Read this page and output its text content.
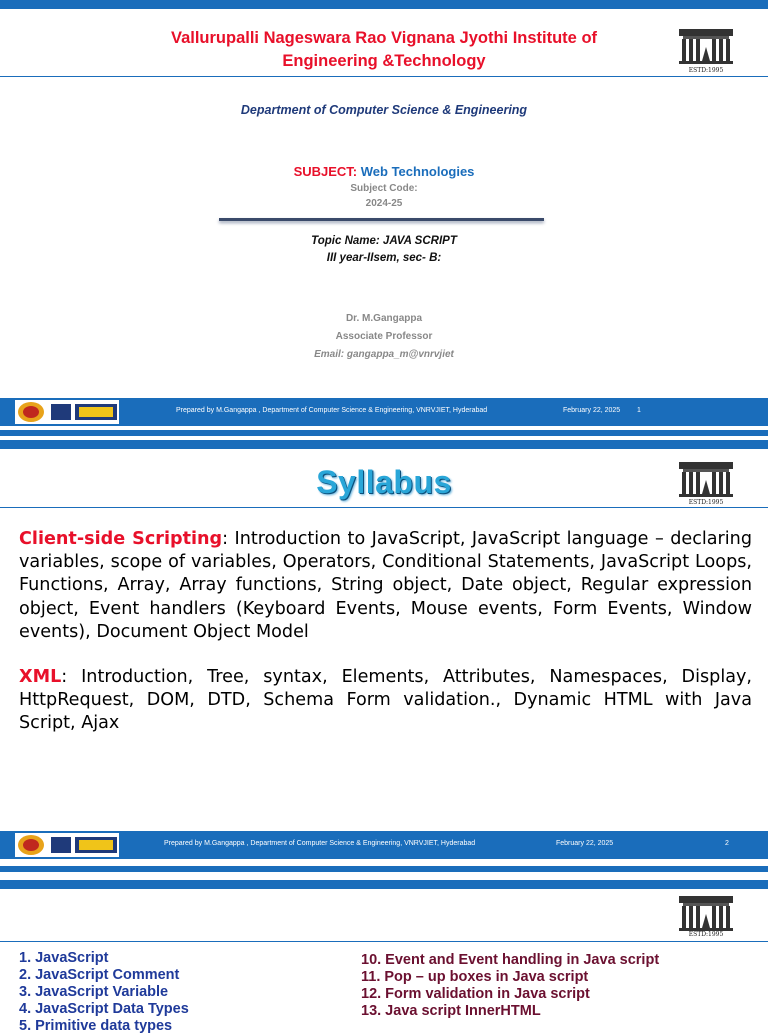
Vallurupalli Nageswara Rao Vignana Jyothi Institute of
Engineering &Technology
ESTD:1995
Department of Computer Science & Engineering
SUBJECT: Web Technologies
Subject Code:
2024-25
Topic Name: JAVA SCRIPT
III year-IIsem, sec- B:
Dr. M.Gangappa
Associate Professor
Email: gangappa_m@vnrvjiet
Prepared by M.Gangappa , Department of Computer Science & Engineering, VNRVJIET, Hyderabad	February 22, 2025 1
Syllabus
ESTD:1995
Client-side Scripting: Introduction to JavaScript, JavaScript language – declaring variables, scope of variables, Operators, Conditional Statements, JavaScript Loops, Functions, Array, Array functions, String object, Date object, Regular expression object, Event handlers (Keyboard Events, Mouse events, Form Events, Window events), Document Object Model
XML: Introduction, Tree, syntax, Elements, Attributes, Namespaces, Display, HttpRequest, DOM, DTD, Schema Form validation., Dynamic HTML with Java Script, Ajax
Prepared by M.Gangappa , Department of Computer Science & Engineering, VNRVJIET, Hyderabad	February 22, 2025	2
ESTD:1995
1. JavaScript
2. JavaScript Comment
3. JavaScript Variable
4. JavaScript Data Types
5. Primitive data types
10. Event and Event handling in Java script
11. Pop – up boxes in Java script
12. Form validation in Java script
13. Java script InnerHTML
